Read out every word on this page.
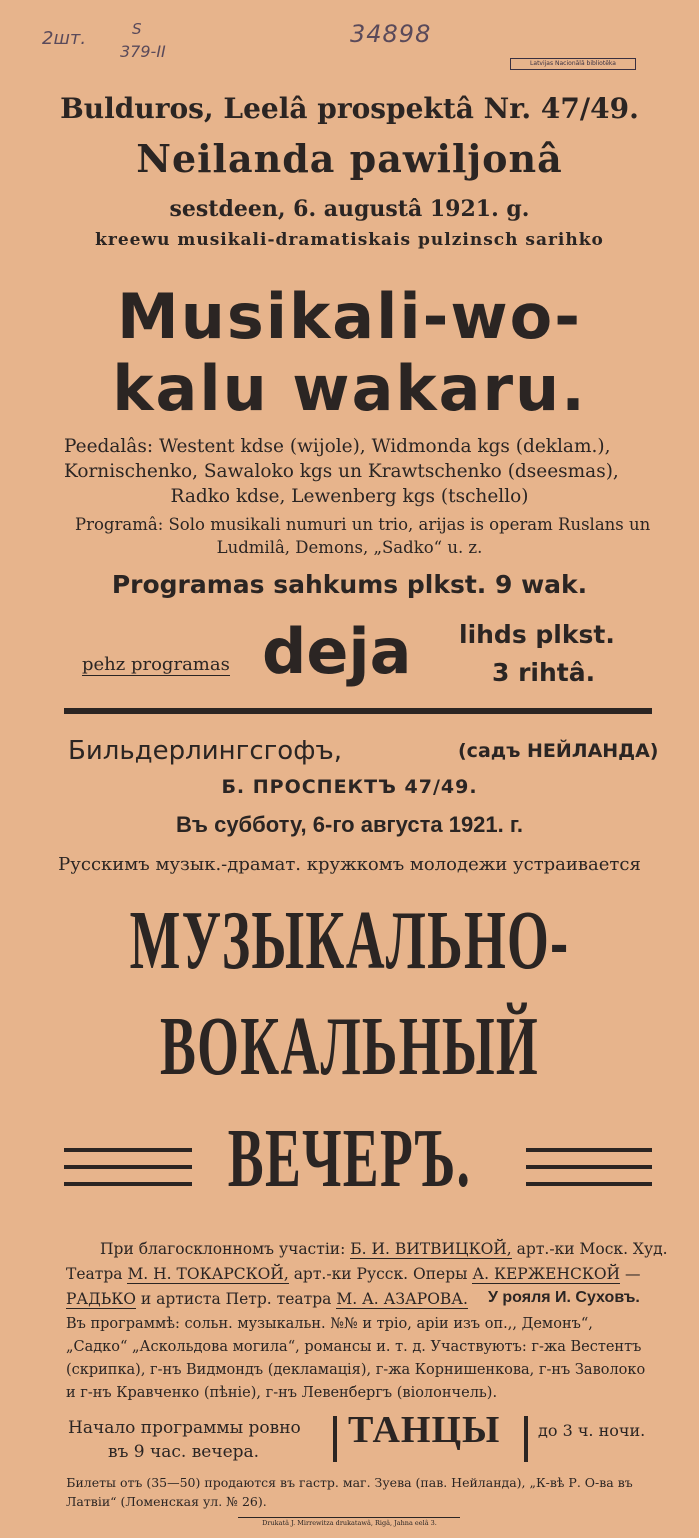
2шт.	S
379-II
34898
Latvijas Nacionālā bibliotēka
Bulduros, Leelâ prospektâ Nr. 47/49.
Neilanda pawiljonâ
sestdeen, 6. augustâ 1921. g.
kreewu musikali-dramatiskais pulzinsch sarihko
Musikali-wo-
kalu wakaru.
Peedalâs: Westent kdse (wijole), Widmonda kgs (deklam.),
Kornischenko, Sawaloko kgs un Krawtschenko (dseesmas),
Radko kdse, Lewenberg kgs (tschello)
Programâ: Solo musikali numuri un trio, arijas is operam Ruslans un
Ludmilâ, Demons, „Sadko“ u. z.
Programas sahkums plkst. 9 wak.
pehz programas deja lihds plkst.
3 rihtâ.
Бильдерлингсгофъ,	(садъ НЕЙЛАНДА)
Б. ПРОСПЕКТЪ 47/49.
Въ субботу, 6-го августа 1921. г.
Русскимъ музык.-драмат. кружкомъ молодежи устраивается
МУЗЫКАЛЬНО-
ВОКАЛЬНЫЙ
ВЕЧЕРЪ.
При благосклонномъ участiи: Б. И. ВИТВИЦКОЙ, арт.-ки Моск. Худ.
Театра М. Н. ТОКАРСКОЙ, арт.-ки Русск. Оперы А. КЕРЖЕНСКОЙ —
РАДЬКО и артиста Петр. театра М. А. АЗАРОВА. У рояля И. Суховъ.
Въ программѣ: сольн. музыкальн. №№ и трiо, арiи изъ оп.,, Демонъ“,
„Садко“ „Аскольдова могила“, романсы и. т. д. Участвуютъ: г-жа Вестентъ
(скрипка), г-нъ Видмондъ (декламацiя), г-жа Корнишенкова, г-нъ Заволоко
и г-нъ Кравченко (пѣнiе), г-нъ Левенбергъ (вiолончель).
Начало программы ровно
въ 9 час. вечера.
ТАНЦЫ до 3 ч. ночи.
Билеты отъ (35—50) продаются въ гастр. маг. Зуева (пав. Нейланда), „К-вѣ Р. О-ва въ
Латвiи“ (Ломенская ул. № 26).
Drukatâ J. Mirrewitza drukatawâ, Rigâ, Jahna eelâ 3.
